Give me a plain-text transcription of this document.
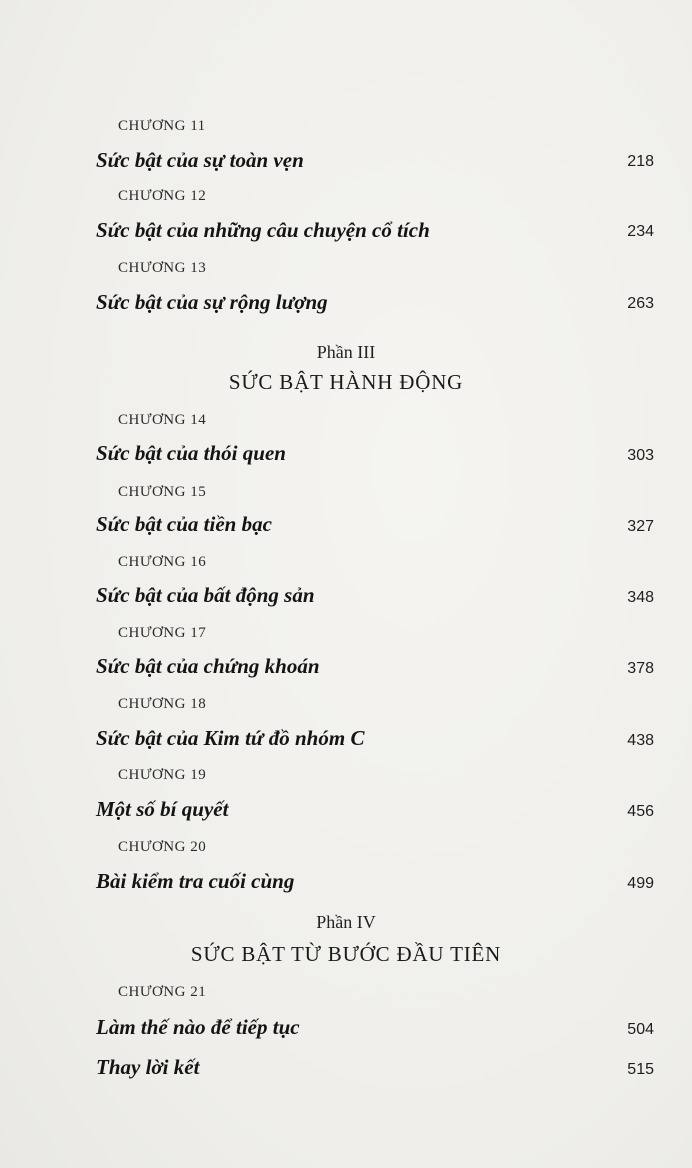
CHƯƠNG 11
Sức bật của sự toàn vẹn	218
CHƯƠNG 12
Sức bật của những câu chuyện cổ tích	234
CHƯƠNG 13
Sức bật của sự rộng lượng	263
Phần III
SỨC BẬT HÀNH ĐỘNG
CHƯƠNG 14
Sức bật của thói quen	303
CHƯƠNG 15
Sức bật của tiền bạc	327
CHƯƠNG 16
Sức bật của bất động sản	348
CHƯƠNG 17
Sức bật của chứng khoán	378
CHƯƠNG 18
Sức bật của Kim tứ đồ nhóm C	438
CHƯƠNG 19
Một số bí quyết	456
CHƯƠNG 20
Bài kiểm tra cuối cùng	499
Phần IV
SỨC BẬT TỪ BƯỚC ĐẦU TIÊN
CHƯƠNG 21
Làm thế nào để tiếp tục	504
Thay lời kết	515
